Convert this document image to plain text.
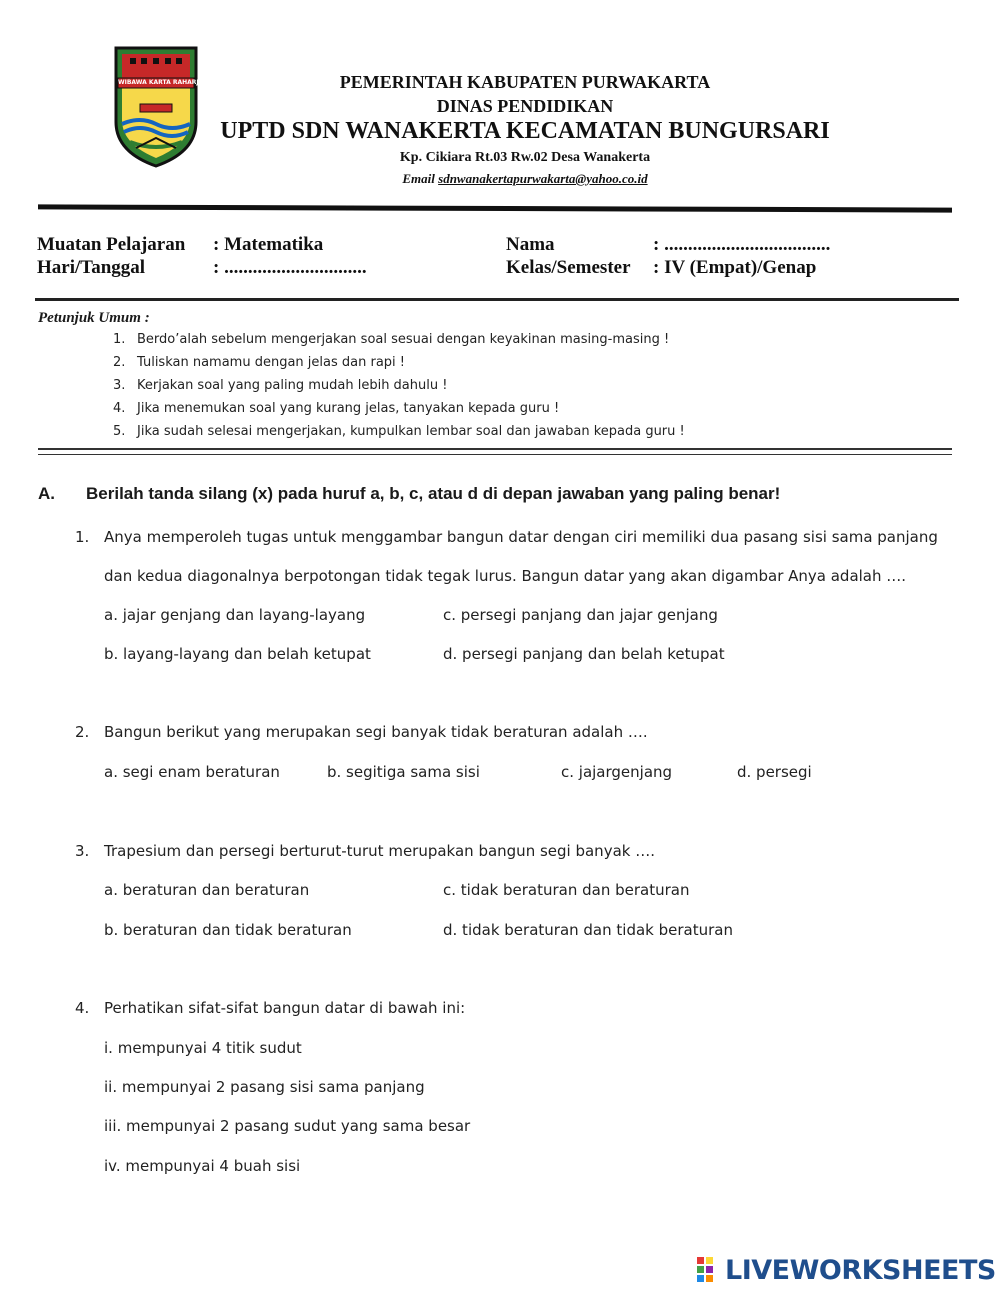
WIBAWA KARTA RAHARJA	PEMERINTAH KABUPATEN PURWAKARTA
DINAS PENDIDIKAN
UPTD SDN WANAKERTA KECAMATAN BUNGURSARI
Kp. Cikiara Rt.03 Rw.02 Desa Wanakerta
Email sdnwanakertapurwakarta@yahoo.co.id
Muatan Pelajaran : Matematika
Hari/Tanggal	: ..............................
Nama	: ...................................
Kelas/Semester : IV (Empat)/Genap
Petunjuk Umum :
1. Berdo’alah sebelum mengerjakan soal sesuai dengan keyakinan masing-masing !
2. Tuliskan namamu dengan jelas dan rapi !
3. Kerjakan soal yang paling mudah lebih dahulu !
4. Jika menemukan soal yang kurang jelas, tanyakan kepada guru !
5. Jika sudah selesai mengerjakan, kumpulkan lembar soal dan jawaban kepada guru !
A. Berilah tanda silang (x) pada huruf a, b, c, atau d di depan jawaban yang paling benar!
1. Anya memperoleh tugas untuk menggambar bangun datar dengan ciri memiliki dua pasang sisi sama panjang
dan kedua diagonalnya berpotongan tidak tegak lurus. Bangun datar yang akan digambar Anya adalah ….
a. jajar genjang dan layang-layang	c. persegi panjang dan jajar genjang
b. layang-layang dan belah ketupat	d. persegi panjang dan belah ketupat
2. Bangun berikut yang merupakan segi banyak tidak beraturan adalah ….
a. segi enam beraturan	b. segitiga sama sisi	c. jajargenjang	d. persegi
3. Trapesium dan persegi berturut-turut merupakan bangun segi banyak ….
a. beraturan dan beraturan	c. tidak beraturan dan beraturan
b. beraturan dan tidak beraturan	d. tidak beraturan dan tidak beraturan
4. Perhatikan sifat-sifat bangun datar di bawah ini:
i. mempunyai 4 titik sudut
ii. mempunyai 2 pasang sisi sama panjang
iii. mempunyai 2 pasang sudut yang sama besar
iv. mempunyai 4 buah sisi
LIVEWORKSHEETS
